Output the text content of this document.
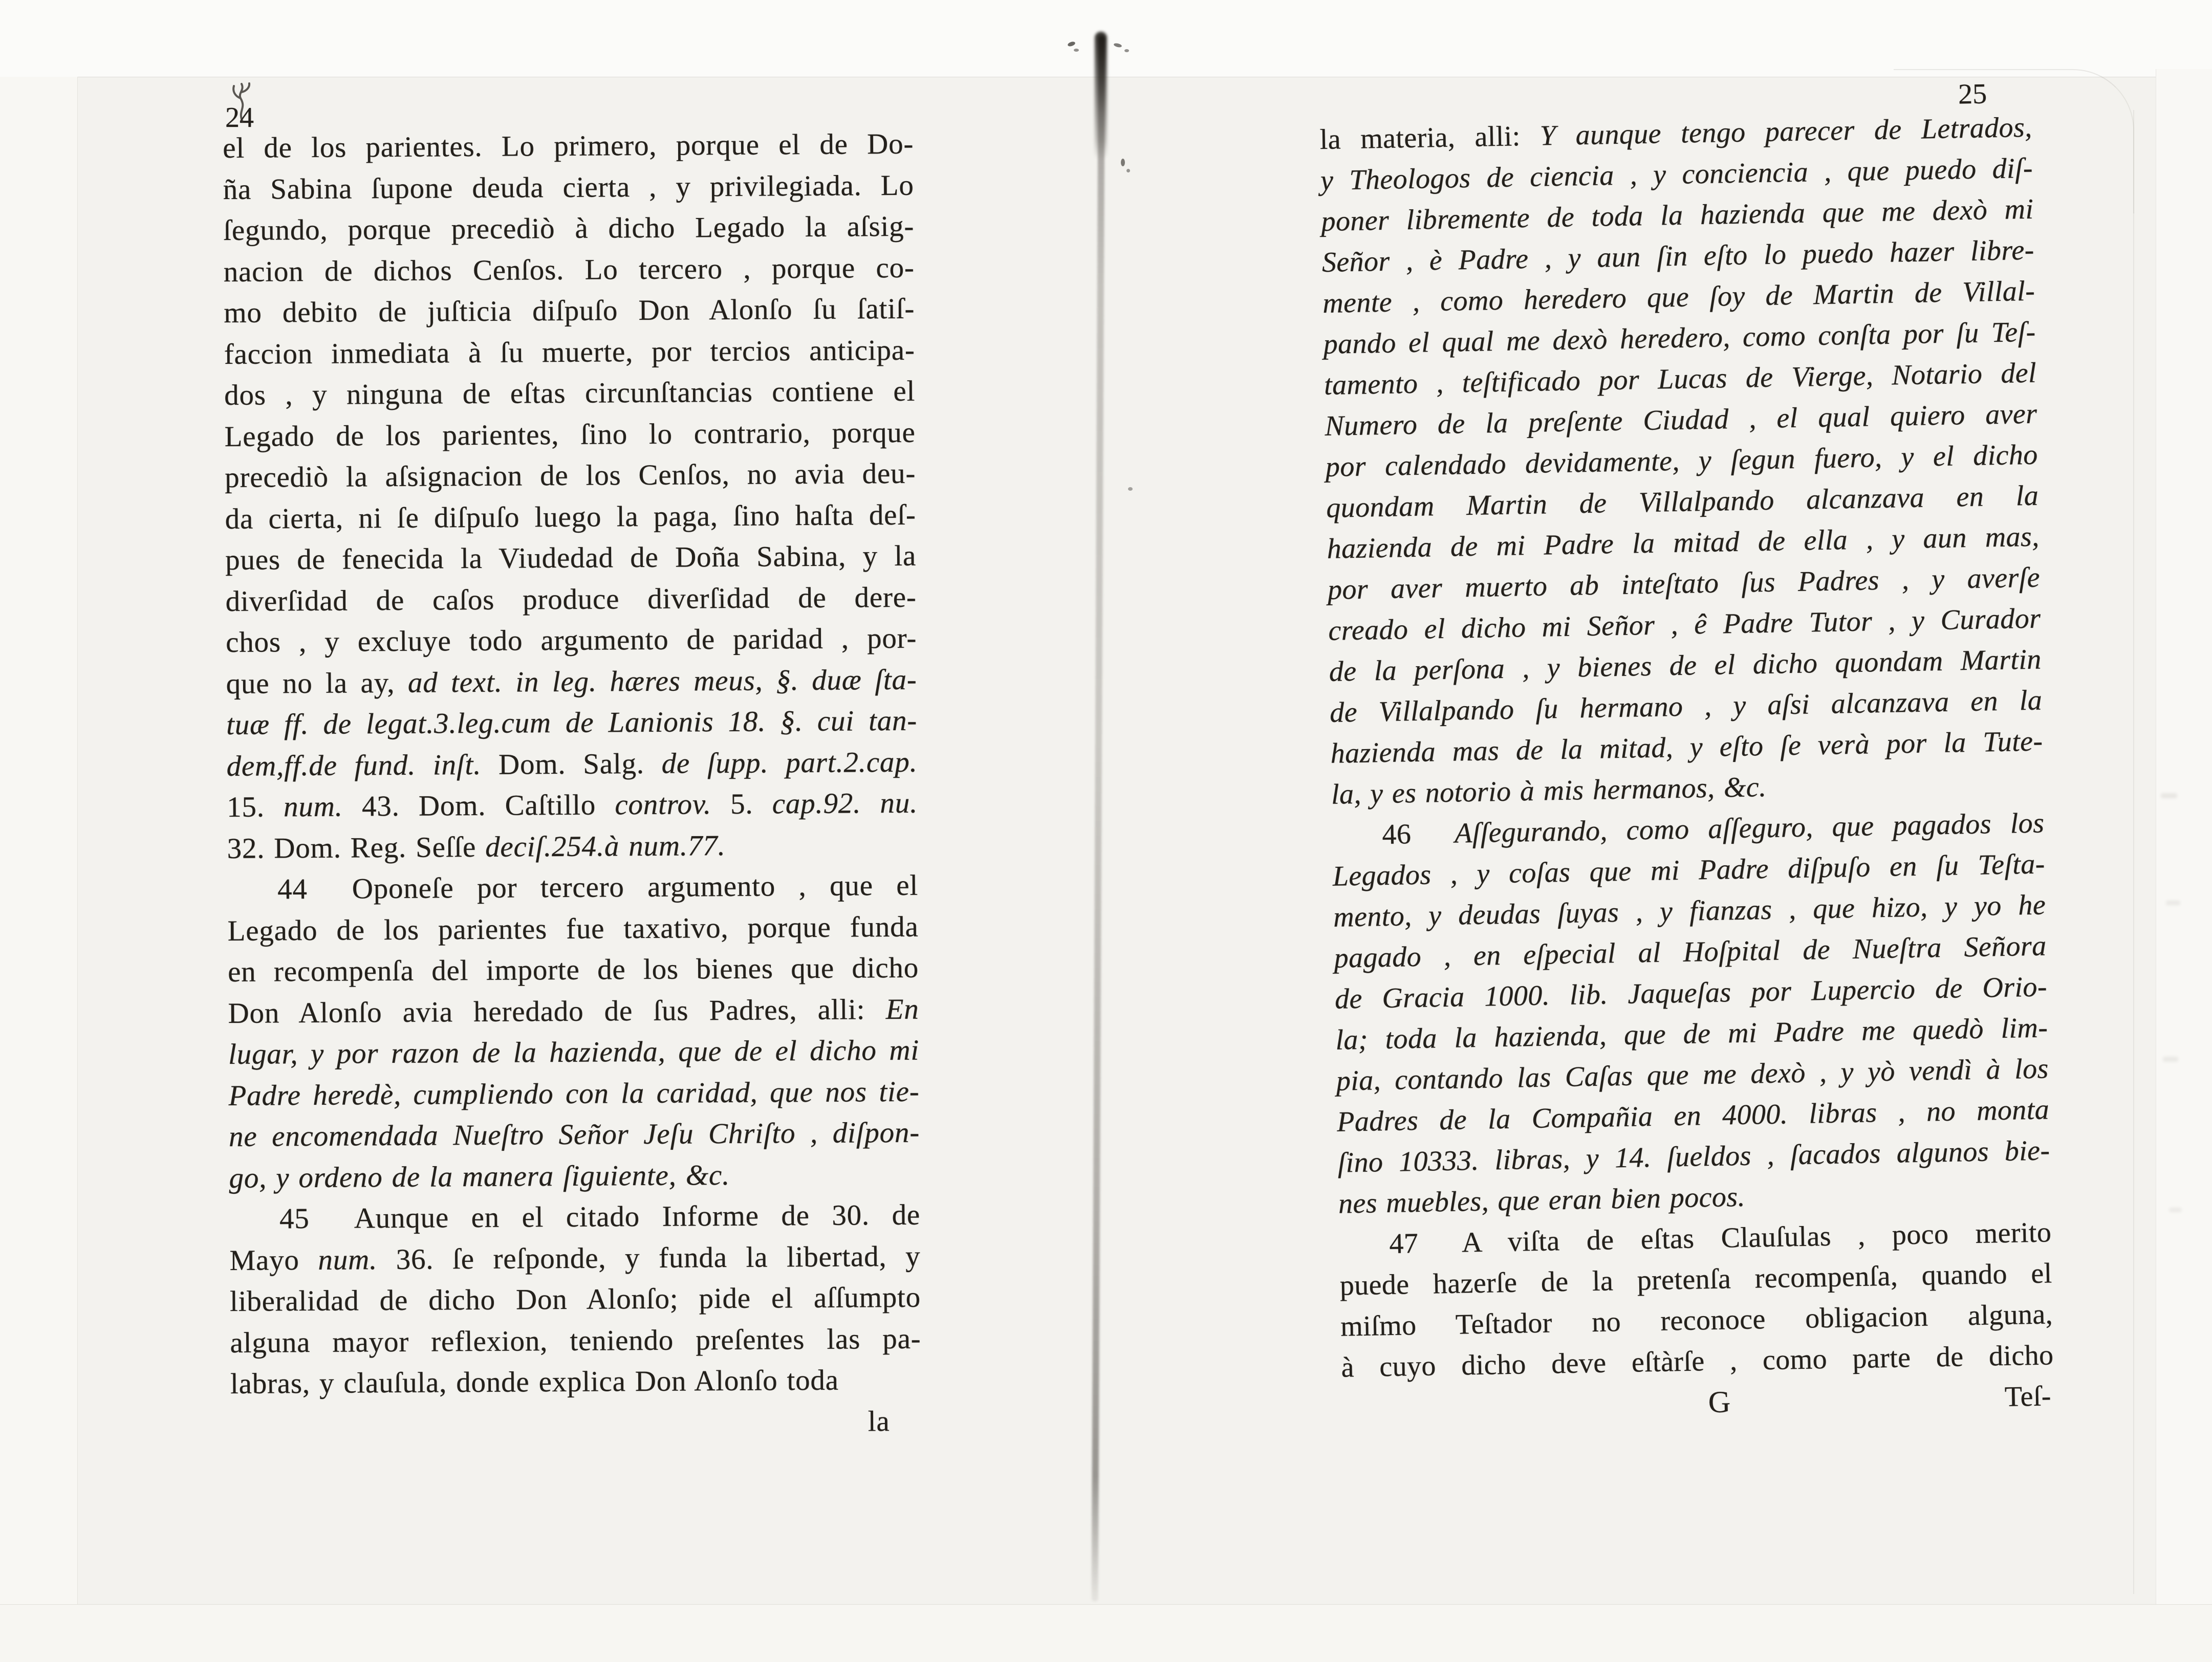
24
el de los parientes. Lo primero, porque el de Do-
ña Sabina ſupone deuda cierta , y privilegiada. Lo
ſegundo, porque precediò à dicho Legado la aſsig-
nacion de dichos Cenſos. Lo tercero , porque co-
mo debito de juſticia diſpuſo Don Alonſo ſu ſatiſ-
faccion inmediata à ſu muerte, por tercios anticipa-
dos , y ninguna de eſtas circunſtancias contiene el
Legado de los parientes, ſino lo contrario, porque
precediò la aſsignacion de los Cenſos, no avia deu-
da cierta, ni ſe diſpuſo luego la paga, ſino haſta deſ-
pues de fenecida la Viudedad de Doña Sabina, y la
diverſidad de caſos produce diverſidad de dere-
chos , y excluye todo argumento de paridad , por-
que no la ay, ad text. in leg. hæres meus, §. duæ ſta-
tuæ ff. de legat.3.leg.cum de Lanionis 18. §. cui tan-
dem,ff.de fund. inſt. Dom. Salg. de ſupp. part.2.cap.
15. num. 43. Dom. Caſtillo controv. 5. cap.92. nu.
32. Dom. Reg. Seſſe deciſ.254.à num.77.
44  Oponeſe por tercero argumento , que el
Legado de los parientes fue taxativo, porque funda
en recompenſa del importe de los bienes que dicho
Don Alonſo avia heredado de ſus Padres, alli: En
lugar, y por razon de la hazienda, que de el dicho mi
Padre heredè, cumpliendo con la caridad, que nos tie-
ne encomendada Nueſtro Señor Jeſu Chriſto , diſpon-
go, y ordeno de la manera ſiguiente, &c.
45  Aunque en el citado Informe de 30. de
Mayo num. 36. ſe reſponde, y funda la libertad, y
liberalidad de dicho Don Alonſo; pide el aſſumpto
alguna mayor reflexion, teniendo preſentes las pa-
labras, y clauſula, donde explica Don Alonſo toda
la
25
la materia, alli: Y aunque tengo parecer de Letrados,
y Theologos de ciencia , y conciencia , que puedo diſ-
poner libremente de toda la hazienda que me dexò mi
Señor , è Padre , y aun ſin eſto lo puedo hazer libre-
mente , como heredero que ſoy de Martin de Villal-
pando el qual me dexò heredero, como conſta por ſu Teſ-
tamento , teſtificado por Lucas de Vierge, Notario del
Numero de la preſente Ciudad , el qual quiero aver
por calendado devidamente, y ſegun fuero, y el dicho
quondam Martin de Villalpando alcanzava en la
hazienda de mi Padre la mitad de ella , y aun mas,
por aver muerto ab inteſtato ſus Padres , y averſe
creado el dicho mi Señor , ê Padre Tutor , y Curador
de la perſona , y bienes de el dicho quondam Martin
de Villalpando ſu hermano , y aſsi alcanzava en la
hazienda mas de la mitad, y eſto ſe verà por la Tute-
la, y es notorio à mis hermanos, &c.
46  Aſſegurando, como aſſeguro, que pagados los
Legados , y coſas que mi Padre diſpuſo en ſu Teſta-
mento, y deudas ſuyas , y fianzas , que hizo, y yo he
pagado , en eſpecial al Hoſpital de Nueſtra Señora
de Gracia 1000. lib. Jaqueſas por Lupercio de Orio-
la; toda la hazienda, que de mi Padre me quedò lim-
pia, contando las Caſas que me dexò , y yò vendì à los
Padres de la Compañia en 4000. libras , no monta
ſino 10333. libras, y 14. ſueldos , ſacados algunos bie-
nes muebles, que eran bien pocos.
47  A viſta de eſtas Clauſulas , poco merito
puede hazerſe de la pretenſa recompenſa, quando el
miſmo Teſtador no reconoce obligacion alguna,
à cuyo dicho deve eſtàrſe , como parte de dicho
G	Teſ-
